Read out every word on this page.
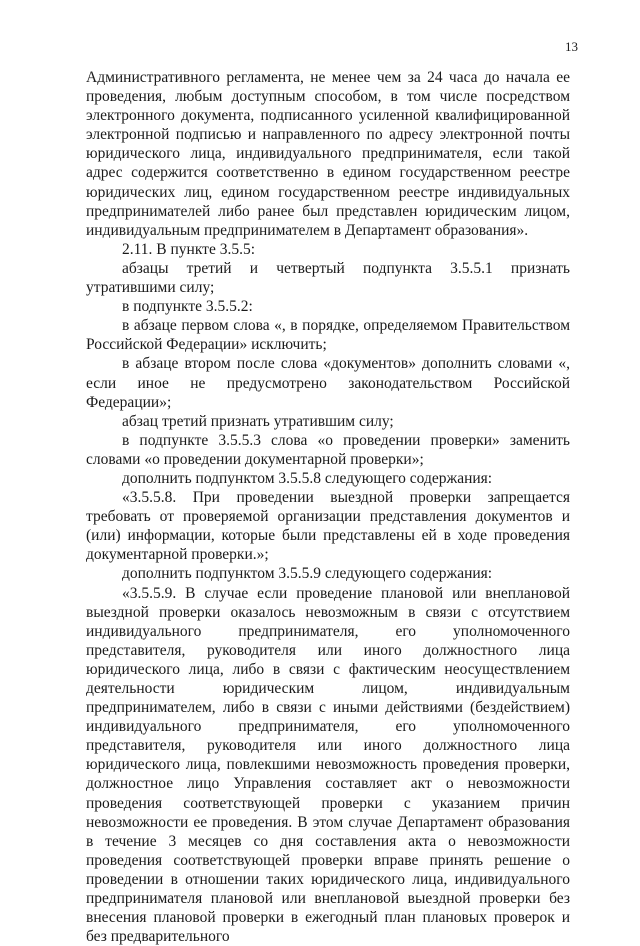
13

Административного регламента, не менее чем за 24 часа до начала ее проведения, любым доступным способом, в том числе посредством электронного документа, подписанного усиленной квалифицированной электронной подписью и направленного по адресу электронной почты юридического лица, индивидуального предпринимателя, если такой адрес содержится соответственно в едином государственном реестре юридических лиц, едином государственном реестре индивидуальных предпринимателей либо ранее был представлен юридическим лицом, индивидуальным предпринимателем в Департамент образования».

2.11. В пункте 3.5.5:

абзацы третий и четвертый подпункта 3.5.5.1 признать утратившими силу;

в подпункте 3.5.5.2:

в абзаце первом слова «, в порядке, определяемом Правительством Российской Федерации» исключить;

в абзаце втором после слова «документов» дополнить словами «, если иное не предусмотрено законодательством Российской Федерации»;

абзац третий признать утратившим силу;

в подпункте 3.5.5.3 слова «о проведении проверки» заменить словами «о проведении документарной проверки»;

дополнить подпунктом 3.5.5.8 следующего содержания:

«3.5.5.8. При проведении выездной проверки запрещается требовать от проверяемой организации представления документов и (или) информации, которые были представлены ей в ходе проведения документарной проверки.»;

дополнить подпунктом 3.5.5.9 следующего содержания:

«3.5.5.9. В случае если проведение плановой или внеплановой выездной проверки оказалось невозможным в связи с отсутствием индивидуального предпринимателя, его уполномоченного представителя, руководителя или иного должностного лица юридического лица, либо в связи с фактическим неосуществлением деятельности юридическим лицом, индивидуальным предпринимателем, либо в связи с иными действиями (бездействием) индивидуального предпринимателя, его уполномоченного представителя, руководителя или иного должностного лица юридического лица, повлекшими невозможность проведения проверки, должностное лицо Управления составляет акт о невозможности проведения соответствующей проверки с указанием причин невозможности ее проведения. В этом случае Департамент образования в течение 3 месяцев со дня составления акта о невозможности проведения соответствующей проверки вправе принять решение о проведении в отношении таких юридического лица, индивидуального предпринимателя плановой или внеплановой выездной проверки без внесения плановой проверки в ежегодный план плановых проверок и без предварительного
